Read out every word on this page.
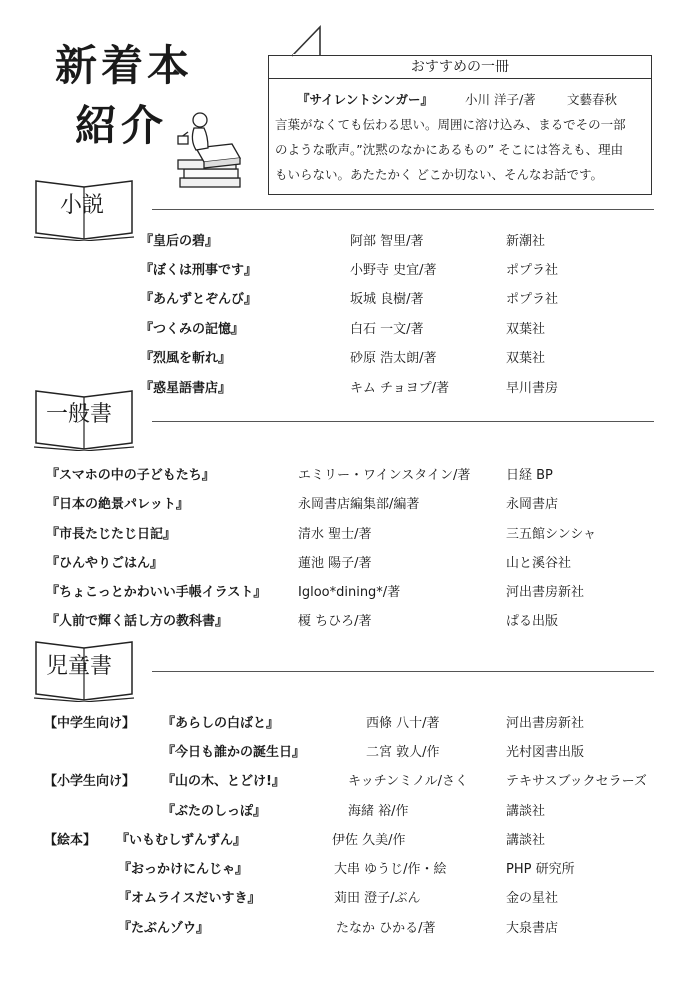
新着本
紹介
おすすめの一冊
『サイレントシンガー』	小川 洋子/著	文藝春秋
言葉がなくても伝わる思い。周囲に溶け込み、まるでその一部
のような歌声。”沈黙のなかにあるもの” そこには答えも、理由
もいらない。あたたかく どこか切ない、そんなお話です。
小説
『皇后の碧』	阿部 智里/著	新潮社
『ぼくは刑事です』	小野寺 史宜/著	ポプラ社
『あんずとぞんび』	坂城 良樹/著	ポプラ社
『つくみの記憶』	白石 一文/著	双葉社
『烈風を斬れ』	砂原 浩太朗/著	双葉社
『惑星語書店』	キム チョヨプ/著	早川書房
一般書
『スマホの中の子どもたち』	エミリー・ワインスタイン/著	日経 BP
『日本の絶景パレット』	永岡書店編集部/編著	永岡書店
『市長たじたじ日記』	清水 聖士/著	三五館シンシャ
『ひんやりごはん』	蓮池 陽子/著	山と溪谷社
『ちょこっとかわいい手帳イラスト』 Igloo*dining*/著	河出書房新社
『人前で輝く話し方の教科書』	榎 ちひろ/著	ぱる出版
児童書
【中学生向け】 『あらしの白ばと』	西條 八十/著	河出書房新社
『今日も誰かの誕生日』	二宮 敦人/作	光村図書出版
【小学生向け】 『山の木、とどけ!』	キッチンミノル/さく	テキサスブックセラーズ
『ぶたのしっぽ』	海緒 裕/作	講談社
【絵本】 『いもむしずんずん』	伊佐 久美/作	講談社
『おっかけにんじゃ』	大串 ゆうじ/作・絵	PHP 研究所
『オムライスだいすき』	苅田 澄子/ぶん	金の星社
『たぶんゾウ』	たなか ひかる/著	大泉書店
